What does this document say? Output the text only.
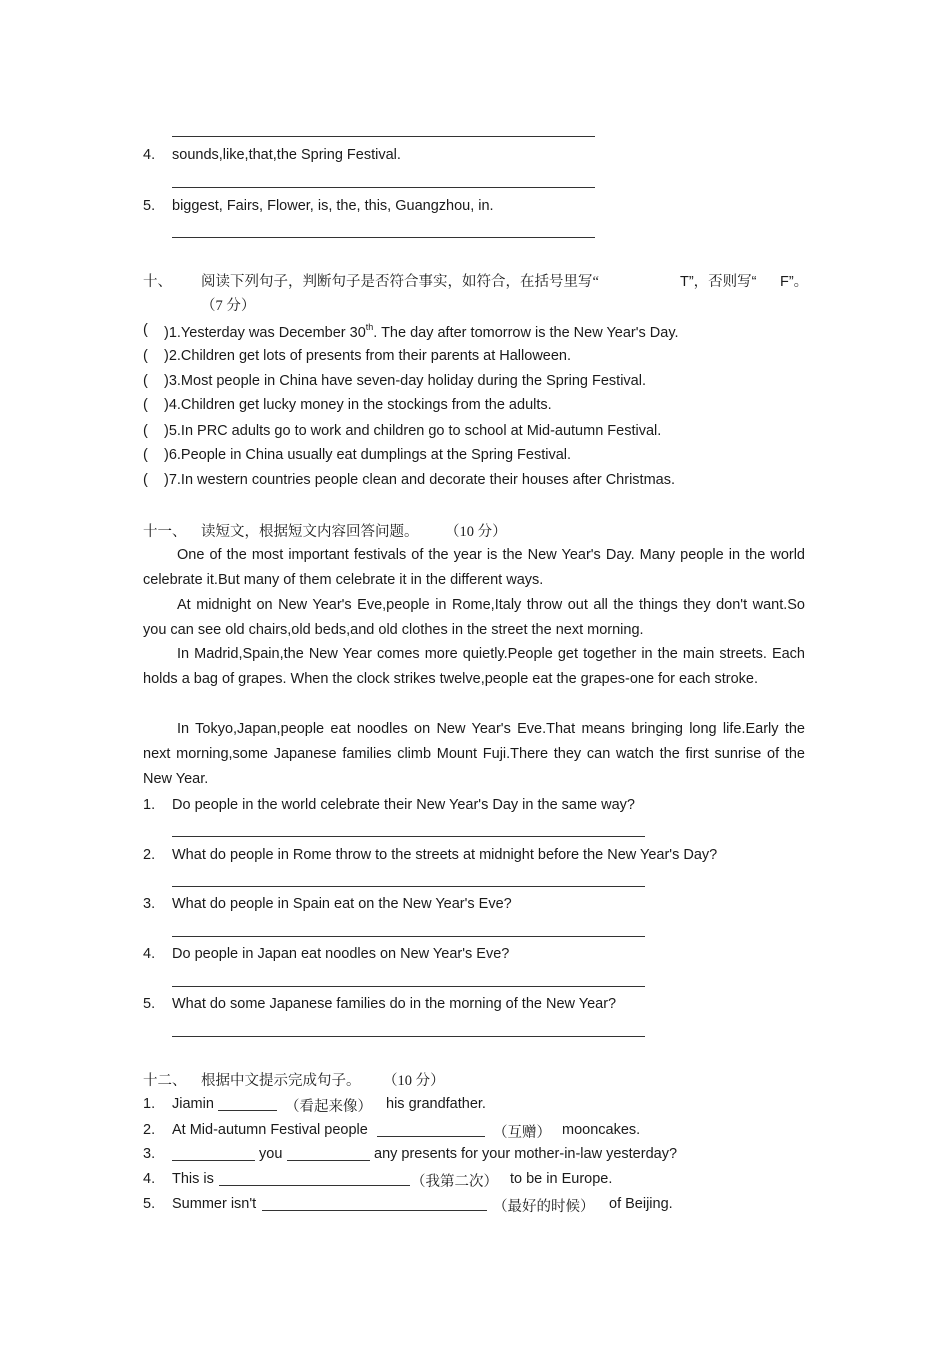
4. sounds,like,that,the Spring Festival.
5. biggest, Fairs, Flower, is, the, this, Guangzhou, in.
十、 阅读下列句子，判断句子是否符合事实，如符合，在括号里写“	T”，否则写“ F”。
（7 分）
( )1.Yesterday was December 30th. The day after tomorrow is the New Year's Day.
( )2.Children get lots of presents from their parents at Halloween.
( )3.Most people in China have seven-day holiday during the Spring Festival.
( )4.Children get lucky money in the stockings from the adults.
( )5.In PRC adults go to work and children go to school at Mid-autumn Festival.
( )6.People in China usually eat dumplings at the Spring Festival.
( )7.In western countries people clean and decorate their houses after Christmas.
十一、 读短文，根据短文内容回答问题。 （10 分）
One of the most important festivals of the year is the New Year's Day. Many people in the world celebrate it.But many of them celebrate it in the different ways.
At midnight on New Year's Eve,people in Rome,Italy throw out all the things they don't want.So you can see old chairs,old beds,and old clothes in the street the next morning.
In Madrid,Spain,the New Year comes more quietly.People get together in the main streets. Each holds a bag of grapes. When the clock strikes twelve,people eat the grapes-one for each stroke.
In Tokyo,Japan,people eat noodles on New Year's Eve.That means bringing long life.Early the next morning,some Japanese families climb Mount Fuji.There they can watch the first sunrise of the New Year.
1. Do people in the world celebrate their New Year's Day in the same way?
2. What do people in Rome throw to the streets at midnight before the New Year's Day?
3. What do people in Spain eat on the New Year's Eve?
4. Do people in Japan eat noodles on New Year's Eve?
5. What do some Japanese families do in the morning of the New Year?
十二、 根据中文提示完成句子。 （10 分）
1. Jiamin	（看起来像） his grandfather.
2. At Mid-autumn Festival people	（互赠） mooncakes.
3.	you	any presents for your mother-in-law yesterday?
4. This is	（我第二次） to be in Europe.
5. Summer isn't	（最好的时候） of Beijing.
